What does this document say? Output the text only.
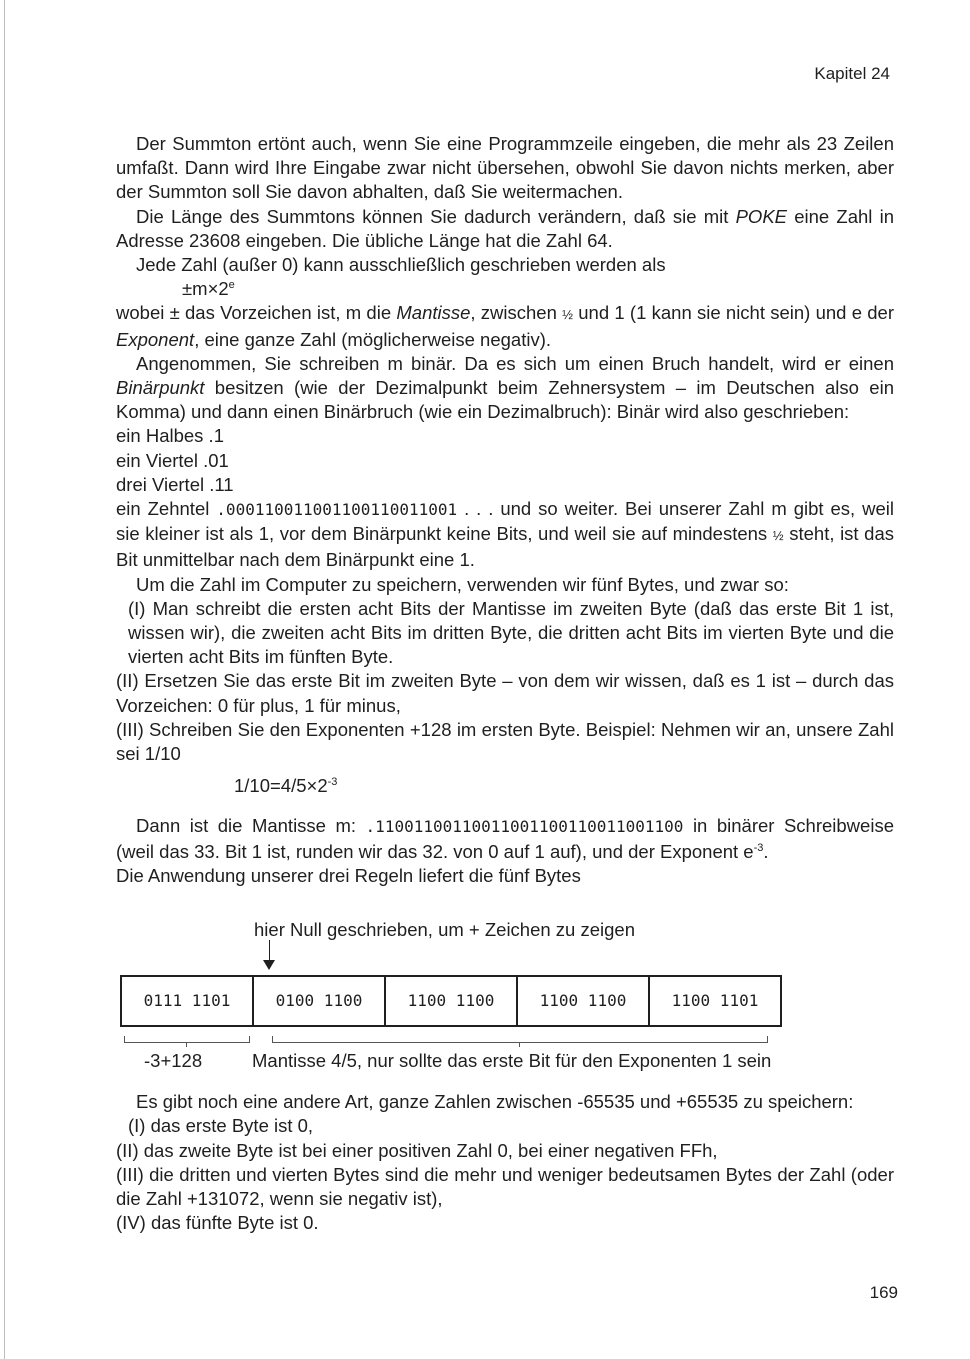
Kapitel 24

Der Summton ertönt auch, wenn Sie eine Programmzeile eingeben, die mehr als 23 Zeilen umfaßt. Dann wird Ihre Eingabe zwar nicht übersehen, obwohl Sie davon nichts merken, aber der Summton soll Sie davon abhalten, daß Sie weitermachen.

Die Länge des Summtons können Sie dadurch verändern, daß sie mit POKE eine Zahl in Adresse 23608 eingeben. Die übliche Länge hat die Zahl 64.

Jede Zahl (außer 0) kann ausschließlich geschrieben werden als

$\pm m\times 2^e$

wobei ± das Vorzeichen ist, m die Mantisse, zwischen ½ und 1 (1 kann sie nicht sein) und e der Exponent, eine ganze Zahl (möglicherweise negativ).

Angenommen, Sie schreiben m binär. Da es sich um einen Bruch handelt, wird er einen Binärpunkt besitzen (wie der Dezimalpunkt beim Zehnersystem – im Deutschen also ein Komma) und dann einen Binärbruch (wie ein Dezimalbruch): Binär wird also geschrieben:

ein Halbes .1

ein Viertel .01

drei Viertel .11

ein Zehntel .000110011001100110011001 . . . und so weiter. Bei unserer Zahl m gibt es, weil sie kleiner ist als 1, vor dem Binärpunkt keine Bits, und weil sie auf mindestens ½ steht, ist das Bit unmittelbar nach dem Binärpunkt eine 1.

Um die Zahl im Computer zu speichern, verwenden wir fünf Bytes, und zwar so:

(I) Man schreibt die ersten acht Bits der Mantisse im zweiten Byte (daß das erste Bit 1 ist, wissen wir), die zweiten acht Bits im dritten Byte, die dritten acht Bits im vierten Byte und die vierten acht Bits im fünften Byte.

(II) Ersetzen Sie das erste Bit im zweiten Byte – von dem wir wissen, daß es 1 ist – durch das Vorzeichen: 0 für plus, 1 für minus,

(III) Schreiben Sie den Exponenten +128 im ersten Byte. Beispiel: Nehmen wir an, unsere Zahl sei 1/10

$1/10=4/5\times 2^{-3}$

Dann ist die Mantisse m: .11001100110011001100110011001100 in binärer Schreibweise (weil das 33. Bit 1 ist, runden wir das 32. von 0 auf 1 auf), und der Exponent $e^{-3}$.

Die Anwendung unserer drei Regeln liefert die fünf Bytes

hier Null geschrieben, um + Zeichen zu zeigen
0111 1101	0100 1100	1100 1100	1100 1100	1100 1101
-3+128	Mantisse 4/5, nur sollte das erste Bit für den Exponenten 1 sein

Es gibt noch eine andere Art, ganze Zahlen zwischen -65535 und +65535 zu speichern:

(I) das erste Byte ist 0,

(II) das zweite Byte ist bei einer positiven Zahl 0, bei einer negativen FFh,

(III) die dritten und vierten Bytes sind die mehr und weniger bedeutsamen Bytes der Zahl (oder die Zahl +131072, wenn sie negativ ist),

(IV) das fünfte Byte ist 0.

169
